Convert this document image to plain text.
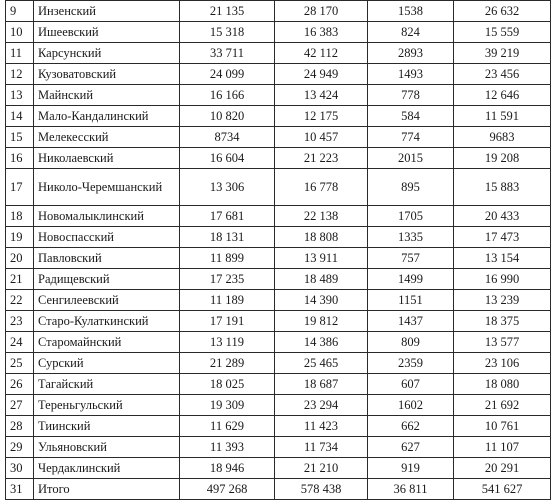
9	Инзенский	21 135	28 170	1538	26 632
10	Ишеевский	15 318	16 383	824	15 559
11	Карсунский	33 711	42 112	2893	39 219
12	Кузоватовский	24 099	24 949	1493	23 456
13	Майнский	16 166	13 424	778	12 646
14	Мало-Кандалинский	10 820	12 175	584	11 591
15	Мелекесский	8734	10 457	774	9683
16	Николаевский	16 604	21 223	2015	19 208
17	Николо-Черемшанский	13 306	16 778	895	15 883
18	Новомалыклинский	17 681	22 138	1705	20 433
19	Новоспасский	18 131	18 808	1335	17 473
20	Павловский	11 899	13 911	757	13 154
21	Радищевский	17 235	18 489	1499	16 990
22	Сенгилеевский	11 189	14 390	1151	13 239
23	Старо-Кулаткинский	17 191	19 812	1437	18 375
24	Старомайнский	13 119	14 386	809	13 577
25	Сурский	21 289	25 465	2359	23 106
26	Тагайский	18 025	18 687	607	18 080
27	Тереньгульский	19 309	23 294	1602	21 692
28	Тиинский	11 629	11 423	662	10 761
29	Ульяновский	11 393	11 734	627	11 107
30	Чердаклинский	18 946	21 210	919	20 291
31	Итого	497 268	578 438	36 811	541 627
